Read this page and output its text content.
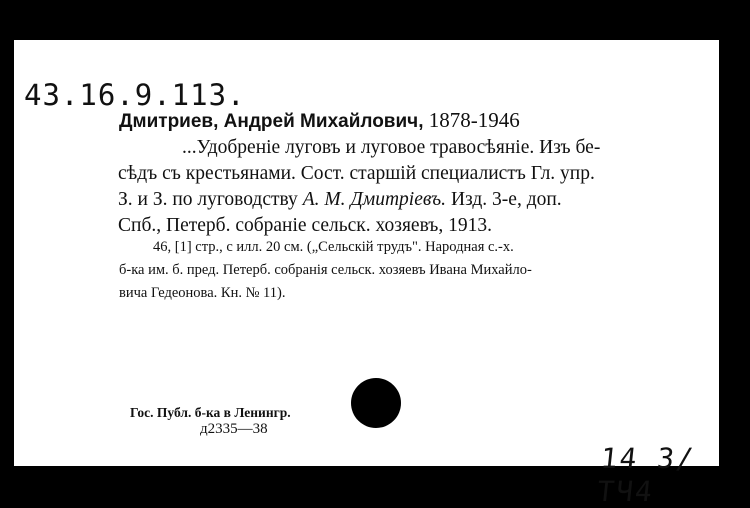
43.16.9.113.
Дмитриев, Андрей Михайлович, 1878-1946
...Удобреніе луговъ и луговое травосѣяніе. Изъ бе-
сѣдъ съ крестьянами. Сост. старшій специалистъ Гл. упр.
З. и З. по луговодству А. М. Дмитріевъ. Изд. 3-е, доп.
Спб., Петерб. собраніе сельск. хозяевъ, 1913.
46, [1] стр., с илл. 20 см. („Сельскій трудъ". Народная с.-х.
б-ка им. б. пред. Петерб. собранія сельск. хозяевъ Ивана Михайло-
вича Гедеонова. Кн. № 11).
Гос. Публ. б-ка в Ленингр.
д2335—38
14 3/ТЧ4
